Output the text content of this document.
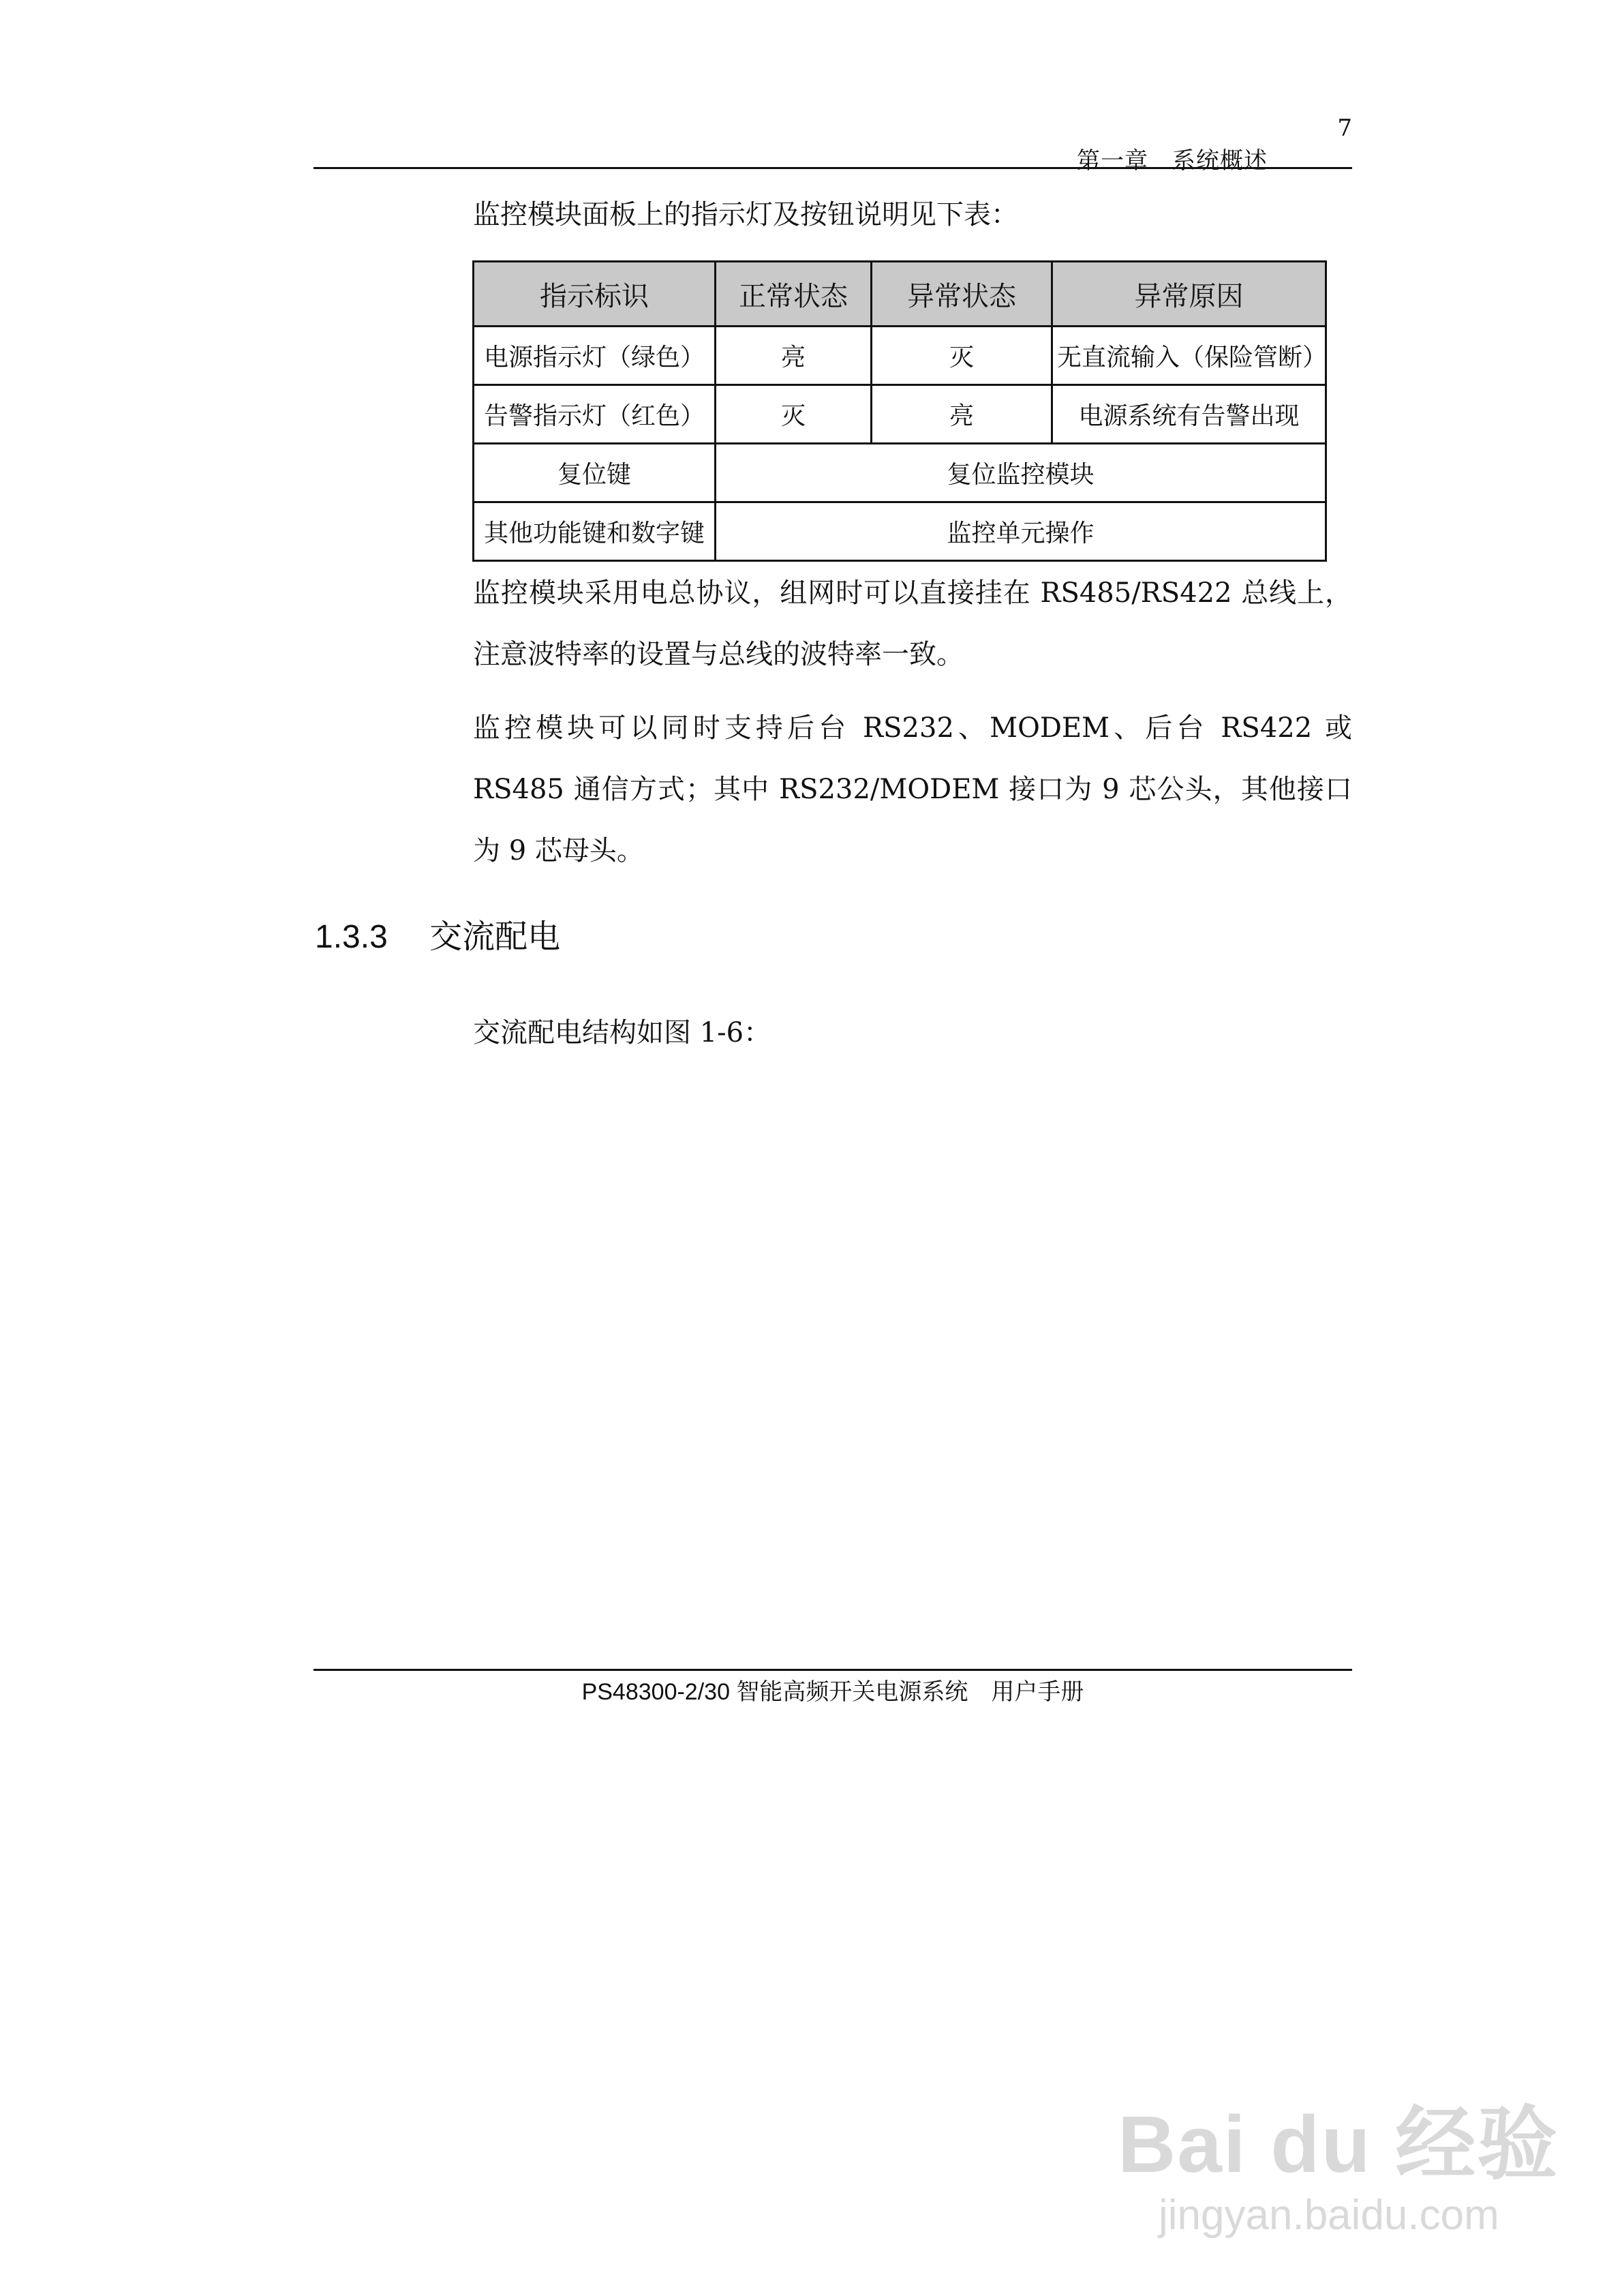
第一章　系统概述

7
监控模块面板上的指示灯及按钮说明见下表：
指示标识	正常状态	异常状态	异常原因
电源指示灯（绿色）	亮	灭	无直流输入（保险管断）
告警指示灯（红色）	灭	亮	电源系统有告警出现
复位键	复位监控模块		
其他功能键和数字键	监控单元操作		
监控模块采用电总协议，组网时可以直接挂在 RS485/RS422 总线上，注意波特率的设置与总线的波特率一致。
监控模块可以同时支持后台 RS232、MODEM、后台 RS422 或 RS485 通信方式；其中 RS232/MODEM 接口为 9 芯公头，其他接口为 9 芯母头。
1.3.3　 交流配电
交流配电结构如图 1-6：
PS48300-2/30 智能高频开关电源系统　用户手册
Bai du 经验
jingyan.baidu.com
